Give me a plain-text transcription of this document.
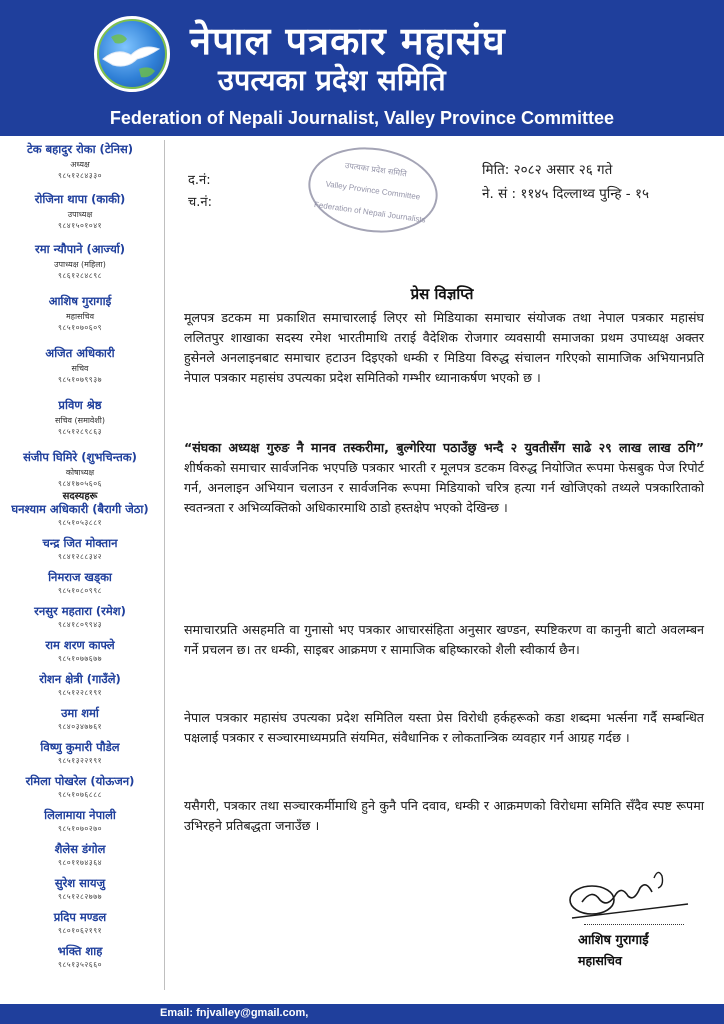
नेपाल पत्रकार महासंघ
उपत्यका प्रदेश समिति
Federation of Nepali Journalist, Valley Province Committee
टेक बहादुर रोका (टेनिस)
अध्यक्ष
९८५१२८४३३०
रोजिना थापा (काकी)
उपाध्यक्ष
९८४१५०१०४१
रमा न्यौपाने (आर्ज्या)
उपाध्यक्ष (महिला)
९८६१२८४८९८
आशिष गुरागाई
महासचिव
९८५१०७०६०९
अजित अधिकारी
सचिव
९८५१०७९९३७
प्रविण श्रेष्ठ
सचिव (समावेशी)
९८५१२८९८६३
संजीप घिमिरे (शुभचिन्तक)
कोषाध्यक्ष
९८४१७०५६०६
सदस्यहरू
घनश्याम अधिकारी (बैरागी जेठा)
९८५१०५३८८१
चन्द्र जित मोक्तान
९८४१२८८३४२
निमराज खड्का
९८५१०८०९९८
रनसुर महतारा (रमेश)
९८४१८०९९४३
राम शरण काफ्ले
९८५१०७७६७७
रोशन क्षेत्री (गाउँले)
९८५१२२८१९१
उमा शर्मा
९८४०३४७७६१
विष्णु कुमारी पौडेल
९८५१३२२१९१
रमिला पोखरेल (योऊजन)
९८५१०७६८८८
लिलामाया नेपाली
९८५१०७०२७०
शैलेस डंगोल
९८०११७४३६४
सुरेश सायजु
९८५१२८२७७७
प्रदिप मण्डल
९८०१०६२१९१
भक्ति शाह
९८५१३५२६६०
द.नं:
च.नं:
उपत्यका प्रदेश समिति
Valley Province Committee
Federation of Nepali Journalists
मिति: २०८२ असार २६ गते
ने. सं : ११४५ दिल्लाथ्व पुन्हि - १५
प्रेस विज्ञप्ति

मूलपत्र डटकम मा प्रकाशित समाचारलाई लिएर सो मिडियाका समाचार संयोजक तथा नेपाल पत्रकार महासंघ ललितपुर शाखाका सदस्य रमेश भारतीमाथि तराई वैदेशिक रोजगार व्यवसायी समाजका प्रथम उपाध्यक्ष अक्तर हुसेनले अनलाइनबाट समाचार हटाउन दिइएको धम्की र मिडिया विरुद्ध संचालन गरिएको सामाजिक अभियानप्रति नेपाल पत्रकार महासंघ उपत्यका प्रदेश समितिको गम्भीर ध्यानाकर्षण भएको छ ।

“संघका अध्यक्ष गुरुङ नै मानव तस्करीमा, बुल्गेरिया पठाउँछु भन्दै २ युवतीसँग साढे २९ लाख लाख ठगि” शीर्षकको समाचार सार्वजनिक भएपछि पत्रकार भारती र मूलपत्र डटकम विरुद्ध नियोजित रूपमा फेसबुक पेज रिपोर्ट गर्न, अनलाइन अभियान चलाउन र सार्वजनिक रूपमा मिडियाको चरित्र हत्या गर्न खोजिएको तथ्यले पत्रकारिताको स्वतन्त्रता र अभिव्यक्तिको अधिकारमाथि ठाडो हस्तक्षेप भएको देखिन्छ ।

समाचारप्रति असहमति वा गुनासो भए पत्रकार आचारसंहिता अनुसार खण्डन, स्पष्टिकरण वा कानुनी बाटो अवलम्बन गर्ने प्रचलन छ। तर धम्की, साइबर आक्रमण र सामाजिक बहिष्कारको शैली स्वीकार्य छैन।

नेपाल पत्रकार महासंघ उपत्यका प्रदेश समितिल यस्ता प्रेस विरोधी हर्कहरूको कडा शब्दमा भर्त्सना गर्दै सम्बन्धित पक्षलाई पत्रकार र सञ्चारमाध्यमप्रति संयमित, संवैधानिक र लोकतान्त्रिक व्यवहार गर्न आग्रह गर्दछ ।

यसैगरी, पत्रकार तथा सञ्चारकर्मीमाथि हुने कुनै पनि दवाव, धम्की र आक्रमणको विरोधमा समिति सँदैव स्पष्ट रूपमा उभिरहने प्रतिबद्धता जनाउँछ ।

आशिष गुरागाईं
महासचिव
Email: fnjvalley@gmail.com,
